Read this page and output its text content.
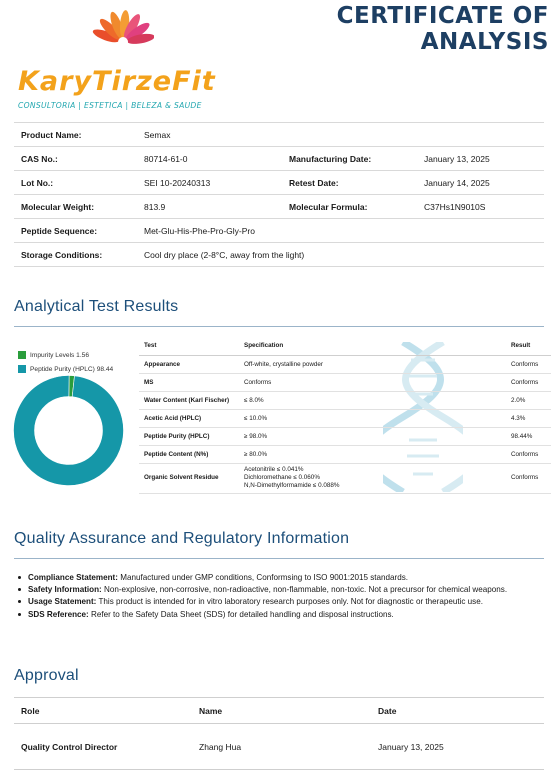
KaryTirzeFit
CONSULTORIA | ESTETICA | BELEZA & SAUDE
CERTIFICATE OF
ANALYSIS
Product Name:	Semax		
CAS No.:	80714-61-0	Manufacturing Date:	January 13, 2025
Lot No.:	SEI 10-20240313	Retest Date:	January 14, 2025
Molecular Weight:	813.9	Molecular Formula:	C37Hs1N9010S
Peptide Sequence:	Met-Glu-His-Phe-Pro-Gly-Pro		
Storage Conditions:	Cool dry place (2-8°C, away from the light)		
Analytical Test Results
Impurity Levels 1.56
Peptide Purity (HPLC) 98.44
Test	Specification	Result
Appearance	Off-white, crystalline powder	Conforms
MS	Conforms	Conforms
Water Content (Karl Fischer)	≤ 8.0%	2.0%
Acetic Acid (HPLC)	≤ 10.0%	4.3%
Peptide Purity (HPLC)	≥ 98.0%	98.44%
Peptide Content (N%)	≥ 80.0%	Conforms
Organic Solvent Residue	Acetonitrile ≤ 0.041%
Dichloromethane ≤ 0.060%
N,N-Dimethylformamide ≤ 0.088%	Conforms
Quality Assurance and Regulatory Information
Compliance Statement: Manufactured under GMP conditions, Conformsing to ISO 9001:2015 standards.
Safety Information: Non-explosive, non-corrosive, non-radioactive, non-flammable, non-toxic. Not a precursor for chemical weapons.
Usage Statement: This product is intended for in vitro laboratory research purposes only. Not for diagnostic or therapeutic use.
SDS Reference: Refer to the Safety Data Sheet (SDS) for detailed handling and disposal instructions.
Approval
Role	Name	Date
Quality Control Director	Zhang Hua	January 13, 2025
